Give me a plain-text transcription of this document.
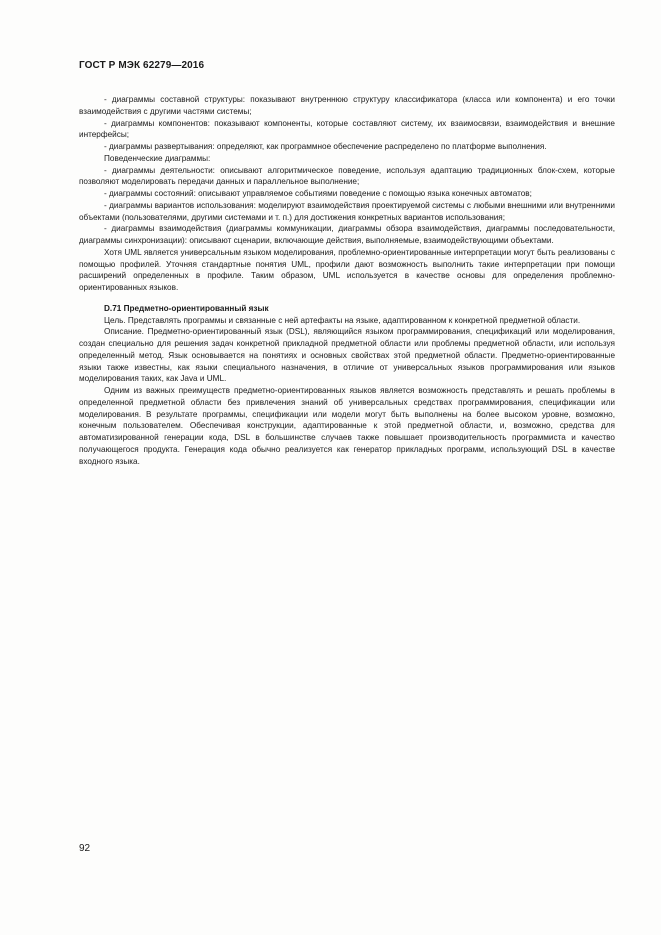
ГОСТ Р МЭК 62279—2016

- диаграммы составной структуры: показывают внутреннюю структуру классификатора (класса или компонента) и его точки взаимодействия с другими частями системы;

- диаграммы компонентов: показывают компоненты, которые составляют систему, их взаимосвязи, взаимодействия и внешние интерфейсы;

- диаграммы развертывания: определяют, как программное обеспечение распределено по платформе выполнения.

Поведенческие диаграммы:

- диаграммы деятельности: описывают алгоритмическое поведение, используя адаптацию традиционных блок-схем, которые позволяют моделировать передачи данных и параллельное выполнение;

- диаграммы состояний: описывают управляемое событиями поведение с помощью языка конечных автоматов;

- диаграммы вариантов использования: моделируют взаимодействия проектируемой системы с любыми внешними или внутренними объектами (пользователями, другими системами и т. п.) для достижения конкретных вариантов использования;

- диаграммы взаимодействия (диаграммы коммуникации, диаграммы обзора взаимодействия, диаграммы последовательности, диаграммы синхронизации): описывают сценарии, включающие действия, выполняемые, взаимодействующими объектами.

Хотя UML является универсальным языком моделирования, проблемно-ориентированные интерпретации могут быть реализованы с помощью профилей. Уточняя стандартные понятия UML, профили дают возможность выполнить такие интерпретации при помощи расширений определенных в профиле. Таким образом, UML используется в качестве основы для определения проблемно-ориентированных языков.

D.71 Предметно-ориентированный язык

Цель. Представлять программы и связанные с ней артефакты на языке, адаптированном к конкретной предметной области.

Описание. Предметно-ориентированный язык (DSL), являющийся языком программирования, спецификаций или моделирования, создан специально для решения задач конкретной прикладной предметной области или проблемы предметной области, или используя определенный метод. Язык основывается на понятиях и основных свойствах этой предметной области. Предметно-ориентированные языки также известны, как языки специального назначения, в отличие от универсальных языков программирования или языков моделирования таких, как Java и UML.

Одним из важных преимуществ предметно-ориентированных языков является возможность представлять и решать проблемы в определенной предметной области без привлечения знаний об универсальных средствах программирования, спецификации или моделирования. В результате программы, спецификации или модели могут быть выполнены на более высоком уровне, возможно, конечным пользователем. Обеспечивая конструкции, адаптированные к этой предметной области, и, возможно, средства для автоматизированной генерации кода, DSL в большинстве случаев также повышает производительность программиста и качество получающегося продукта. Генерация кода обычно реализуется как генератор прикладных программ, использующий DSL в качестве входного языка.

92
